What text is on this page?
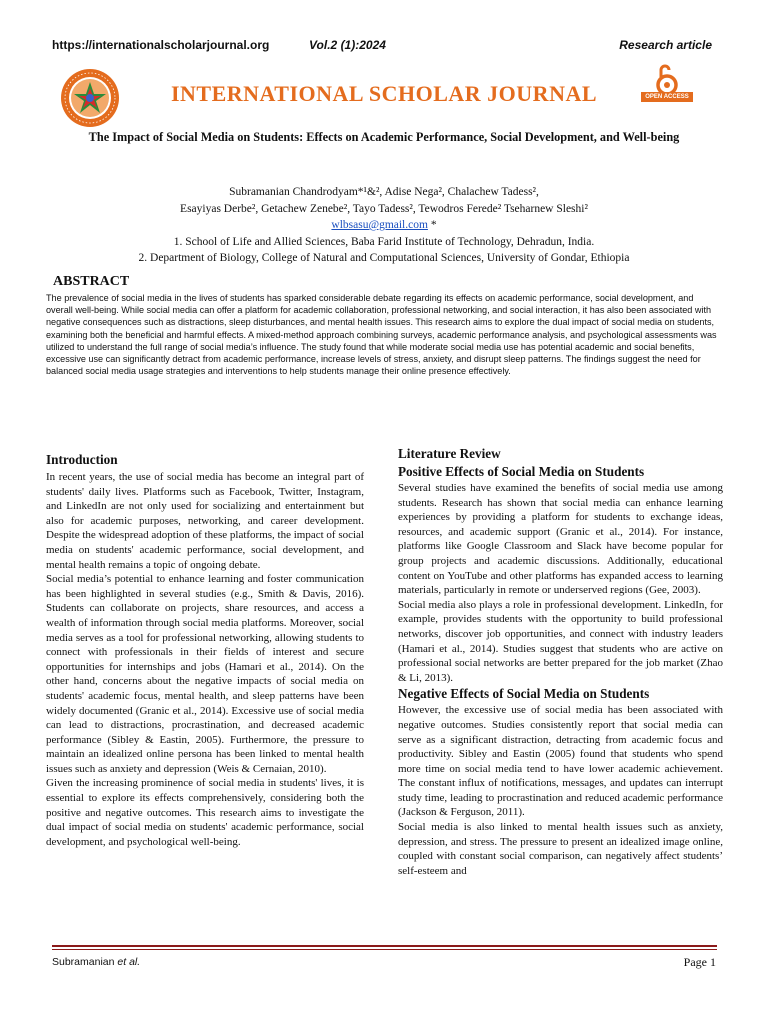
https://internationalscholarjournal.org	Vol.2 (1):2024	Research article
INTERNATIONAL SCHOLAR JOURNAL	OPEN ACCESS
The Impact of Social Media on Students: Effects on Academic Performance, Social Development, and Well-being
Subramanian Chandrodyam*¹&², Adise Nega², Chalachew Tadess²,
Esayiyas Derbe², Getachew Zenebe², Tayo Tadess², Tewodros Ferede² Tseharnew Sleshi²
wlbsasu@gmail.com *
1. School of Life and Allied Sciences, Baba Farid Institute of Technology, Dehradun, India.
2. Department of Biology, College of Natural and Computational Sciences, University of Gondar, Ethiopia
ABSTRACT
The prevalence of social media in the lives of students has sparked considerable debate regarding its effects on academic performance, social development, and overall well-being. While social media can offer a platform for academic collaboration, professional networking, and social interaction, it has also been associated with negative consequences such as distractions, sleep disturbances, and mental health issues. This research aims to explore the dual impact of social media on students, examining both the beneficial and harmful effects. A mixed-method approach combining surveys, academic performance analysis, and psychological assessments was utilized to understand the full range of social media’s influence. The study found that while moderate social media use has potential academic and social benefits, excessive use can significantly detract from academic performance, increase levels of stress, anxiety, and disrupt sleep patterns. The findings suggest the need for balanced social media usage strategies and interventions to help students manage their online presence effectively.
Introduction

In recent years, the use of social media has become an integral part of students' daily lives. Platforms such as Facebook, Twitter, Instagram, and LinkedIn are not only used for socializing and entertainment but also for academic purposes, networking, and career development. Despite the widespread adoption of these platforms, the impact of social media on students' academic performance, social development, and mental health remains a topic of ongoing debate.

Social media’s potential to enhance learning and foster communication has been highlighted in several studies (e.g., Smith & Davis, 2016). Students can collaborate on projects, share resources, and access a wealth of information through social media platforms. Moreover, social media serves as a tool for professional networking, allowing students to connect with professionals in their fields of interest and secure opportunities for internships and jobs (Hamari et al., 2014). On the other hand, concerns about the negative impacts of social media on students' academic focus, mental health, and sleep patterns have been widely documented (Granic et al., 2014). Excessive use of social media can lead to distractions, procrastination, and decreased academic performance (Sibley & Eastin, 2005). Furthermore, the pressure to maintain an idealized online persona has been linked to mental health issues such as anxiety and depression (Weis & Cernaian, 2010).

Given the increasing prominence of social media in students' lives, it is essential to explore its effects comprehensively, considering both the positive and negative outcomes. This research aims to investigate the dual impact of social media on students' academic performance, social development, and psychological well-being.

Literature Review
Positive Effects of Social Media on Students

Several studies have examined the benefits of social media use among students. Research has shown that social media can enhance learning experiences by providing a platform for students to exchange ideas, resources, and academic support (Granic et al., 2014). For instance, platforms like Google Classroom and Slack have become popular for group projects and academic discussions. Additionally, educational content on YouTube and other platforms has expanded access to learning materials, particularly in remote or underserved regions (Gee, 2003).

Social media also plays a role in professional development. LinkedIn, for example, provides students with the opportunity to build professional networks, discover job opportunities, and connect with industry leaders (Hamari et al., 2014). Studies suggest that students who are active on professional social networks are better prepared for the job market (Zhao & Li, 2013).

Negative Effects of Social Media on Students

However, the excessive use of social media has been associated with negative outcomes. Studies consistently report that social media can serve as a significant distraction, detracting from academic focus and productivity. Sibley and Eastin (2005) found that students who spend more time on social media tend to have lower academic achievement. The constant influx of notifications, messages, and updates can interrupt study time, leading to procrastination and reduced academic performance (Jackson & Ferguson, 2011).

Social media is also linked to mental health issues such as anxiety, depression, and stress. The pressure to present an idealized image online, coupled with constant social comparison, can negatively affect students’ self-esteem and

Subramanian et al.	Page 1
